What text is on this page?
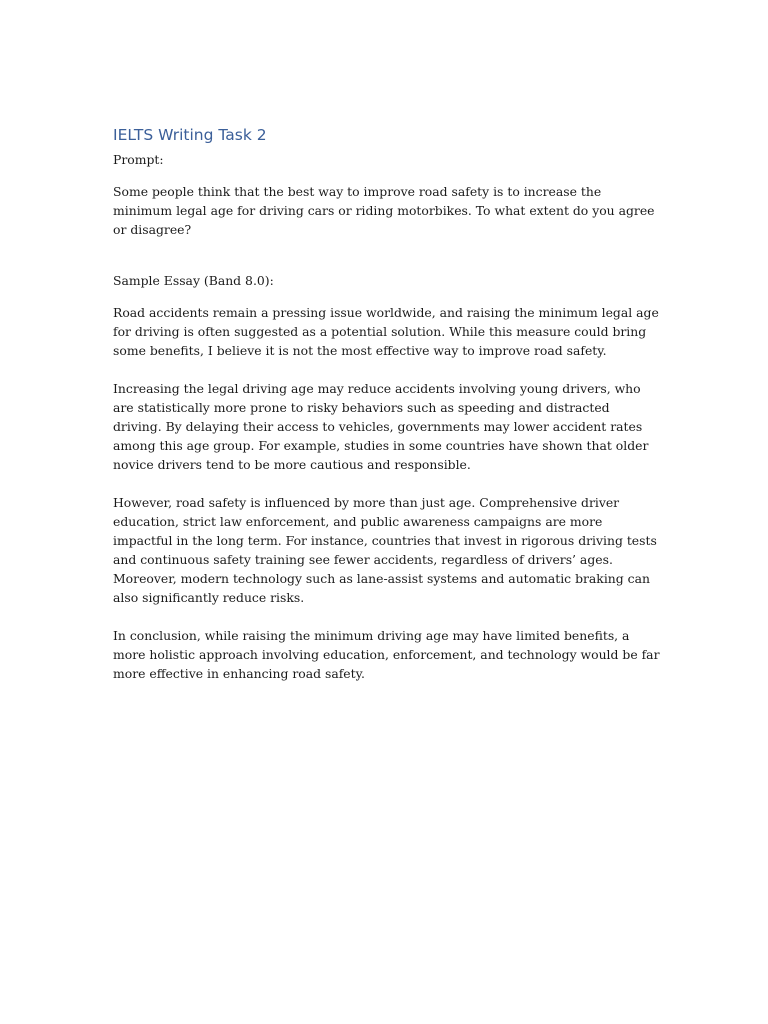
IELTS Writing Task 2

Prompt:

Some people think that the best way to improve road safety is to increase the minimum legal age for driving cars or riding motorbikes. To what extent do you agree or disagree?

Sample Essay (Band 8.0):

Road accidents remain a pressing issue worldwide, and raising the minimum legal age for driving is often suggested as a potential solution. While this measure could bring some benefits, I believe it is not the most effective way to improve road safety.

Increasing the legal driving age may reduce accidents involving young drivers, who are statistically more prone to risky behaviors such as speeding and distracted driving. By delaying their access to vehicles, governments may lower accident rates among this age group. For example, studies in some countries have shown that older novice drivers tend to be more cautious and responsible.

However, road safety is influenced by more than just age. Comprehensive driver education, strict law enforcement, and public awareness campaigns are more impactful in the long term. For instance, countries that invest in rigorous driving tests and continuous safety training see fewer accidents, regardless of drivers’ ages. Moreover, modern technology such as lane-assist systems and automatic braking can also significantly reduce risks.

In conclusion, while raising the minimum driving age may have limited benefits, a more holistic approach involving education, enforcement, and technology would be far more effective in enhancing road safety.
